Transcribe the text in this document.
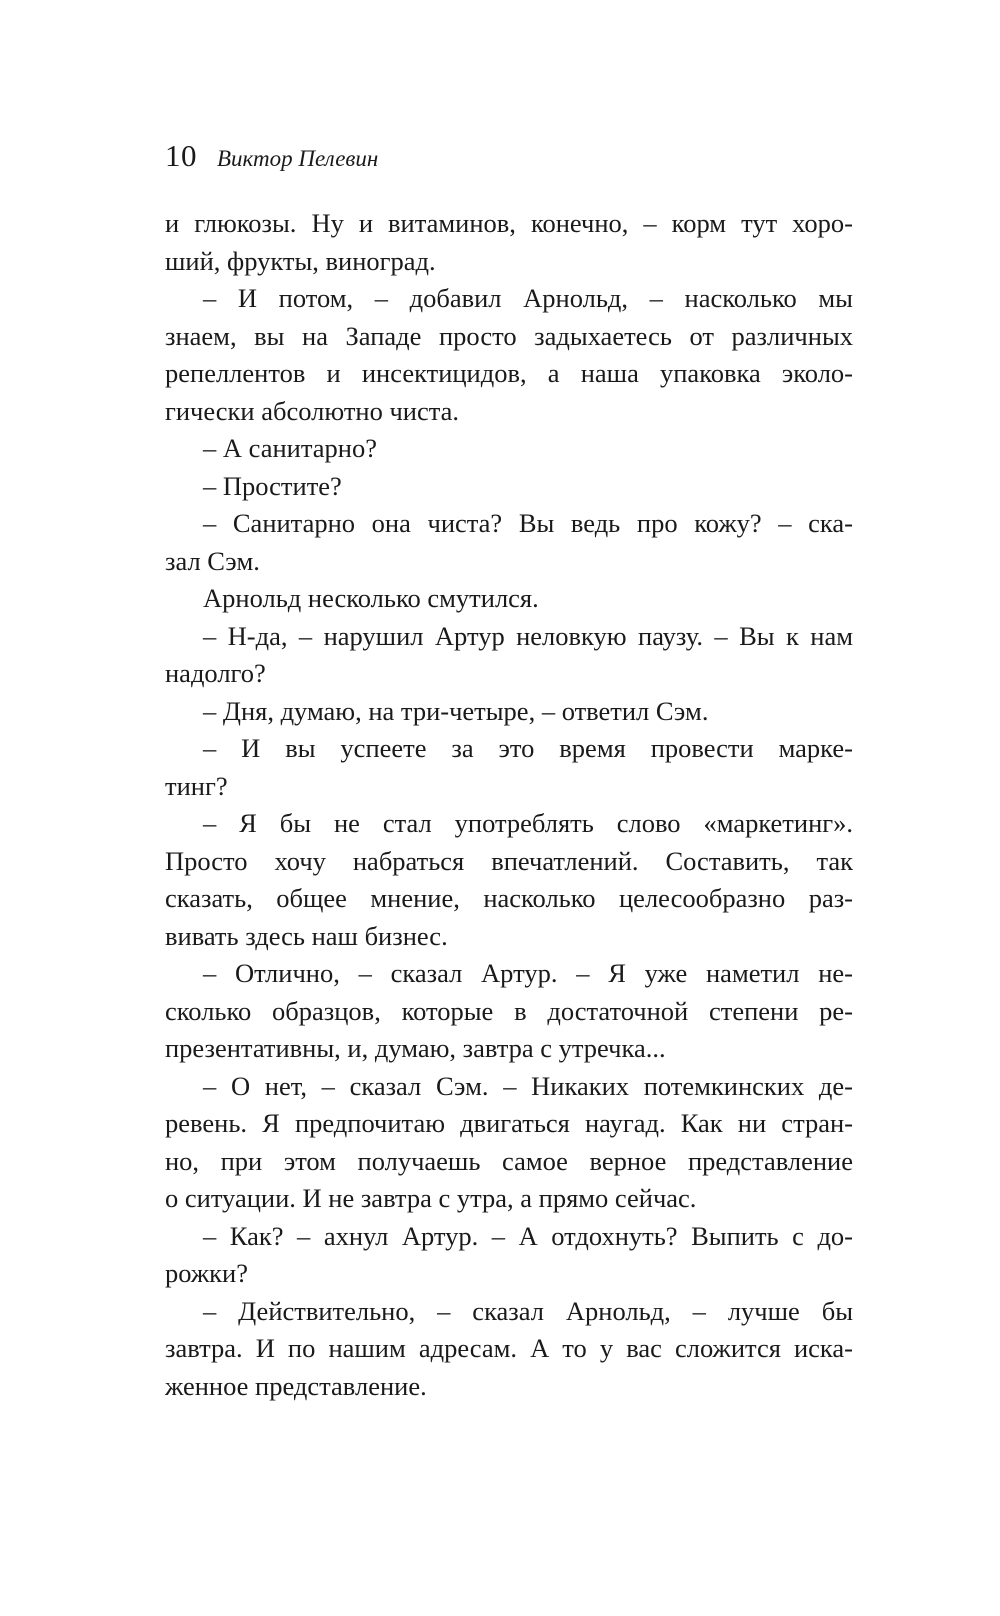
10 Виктор Пелевин
и глюкозы. Ну и витаминов, конечно, – корм тут хоро-
ший, фрукты, виноград.
– И потом, – добавил Арнольд, – насколько мы
знаем, вы на Западе просто задыхаетесь от различных
репеллентов и инсектицидов, а наша упаковка эколо-
гически абсолютно чиста.
– А санитарно?
– Простите?
– Санитарно она чиста? Вы ведь про кожу? – ска-
зал Сэм.
Арнольд несколько смутился.
– Н-да, – нарушил Артур неловкую паузу. – Вы к нам
надолго?
– Дня, думаю, на три-четыре, – ответил Сэм.
– И вы успеете за это время провести марке-
тинг?
– Я бы не стал употреблять слово «маркетинг».
Просто хочу набраться впечатлений. Составить, так
сказать, общее мнение, насколько целесообразно раз-
вивать здесь наш бизнес.
– Отлично, – сказал Артур. – Я уже наметил не-
сколько образцов, которые в достаточной степени ре-
презентативны, и, думаю, завтра с утречка...
– О нет, – сказал Сэм. – Никаких потемкинских де-
ревень. Я предпочитаю двигаться наугад. Как ни стран-
но, при этом получаешь самое верное представление
о ситуации. И не завтра с утра, а прямо сейчас.
– Как? – ахнул Артур. – А отдохнуть? Выпить с до-
рожки?
– Действительно, – сказал Арнольд, – лучше бы
завтра. И по нашим адресам. А то у вас сложится иска-
женное представление.
